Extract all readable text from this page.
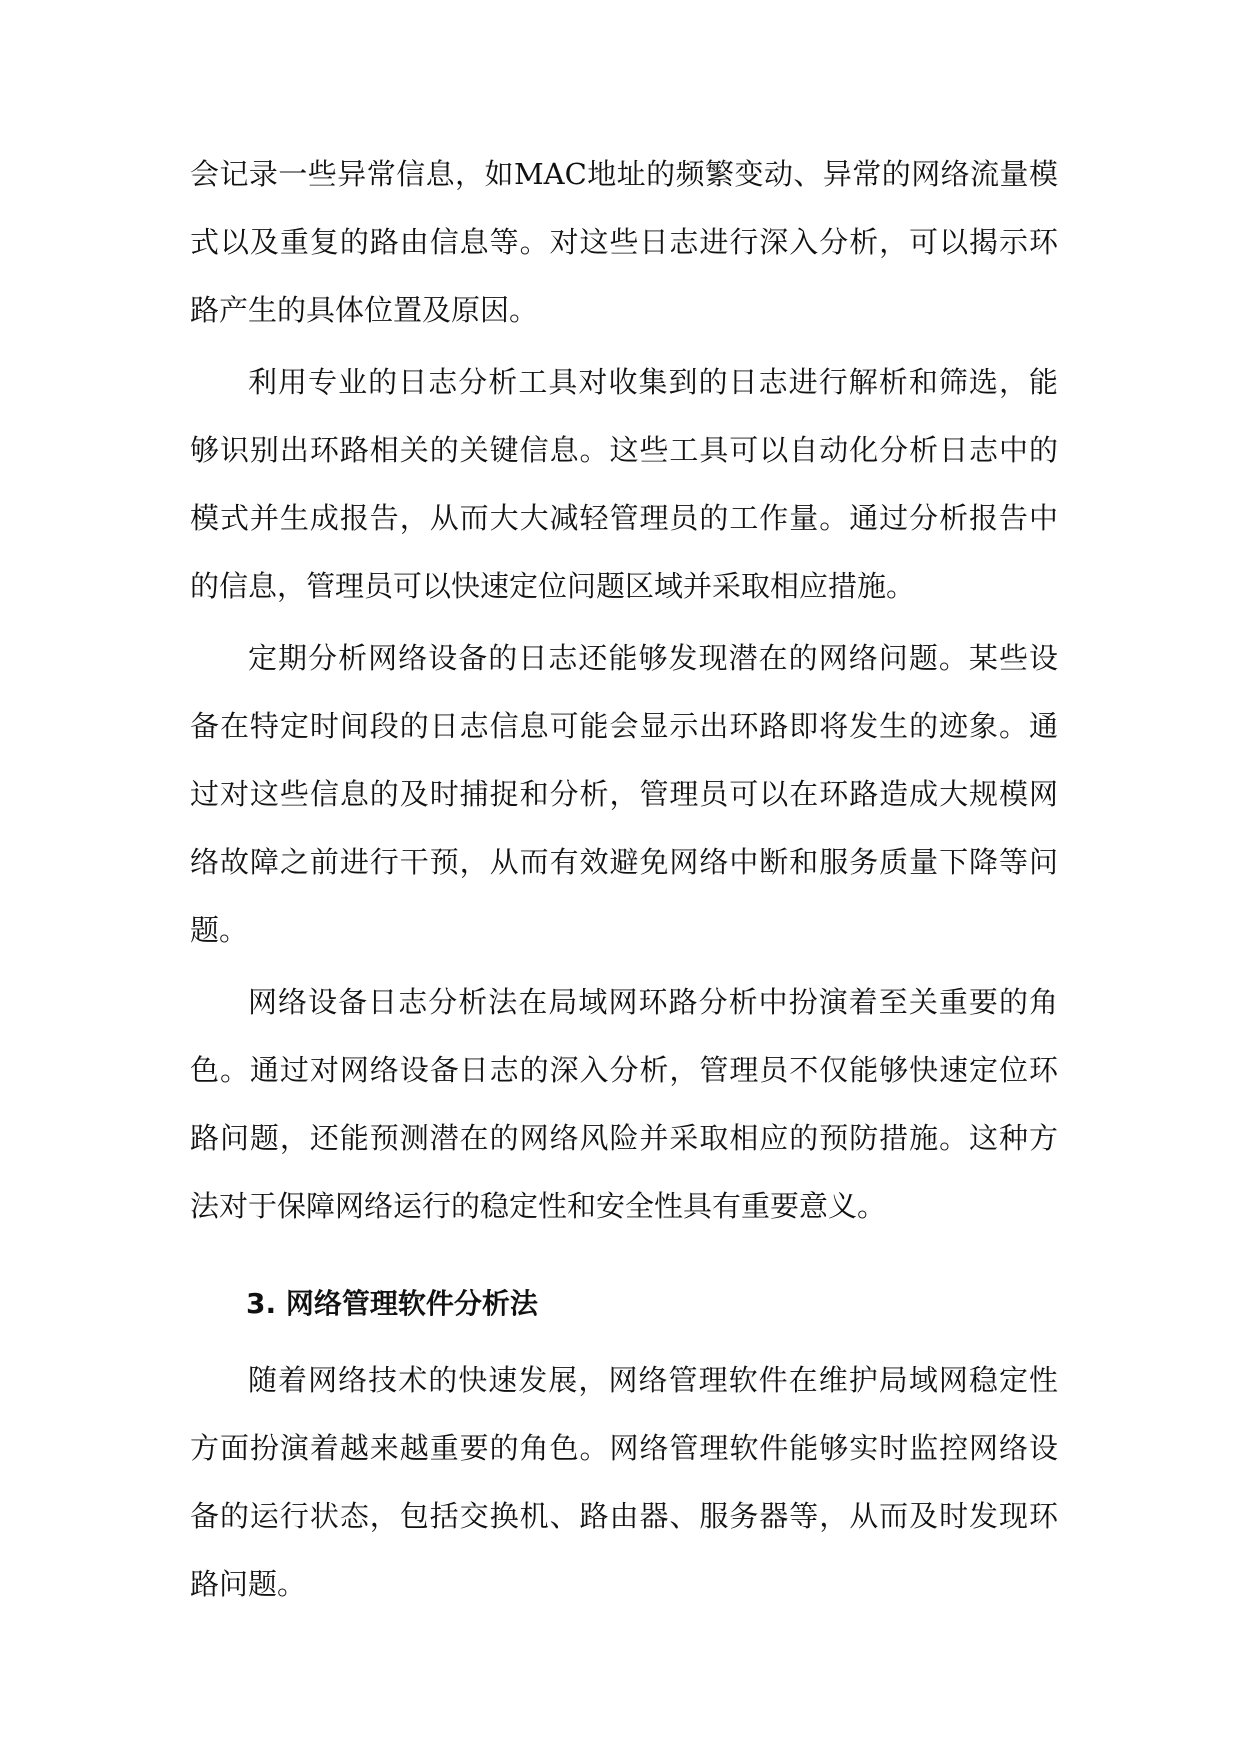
会记录一些异常信息，如MAC地址的频繁变动、异常的网络流量模式以及重复的路由信息等。对这些日志进行深入分析，可以揭示环路产生的具体位置及原因。

利用专业的日志分析工具对收集到的日志进行解析和筛选，能够识别出环路相关的关键信息。这些工具可以自动化分析日志中的模式并生成报告，从而大大减轻管理员的工作量。通过分析报告中的信息，管理员可以快速定位问题区域并采取相应措施。

定期分析网络设备的日志还能够发现潜在的网络问题。某些设备在特定时间段的日志信息可能会显示出环路即将发生的迹象。通过对这些信息的及时捕捉和分析，管理员可以在环路造成大规模网络故障之前进行干预，从而有效避免网络中断和服务质量下降等问题。

网络设备日志分析法在局域网环路分析中扮演着至关重要的角色。通过对网络设备日志的深入分析，管理员不仅能够快速定位环路问题，还能预测潜在的网络风险并采取相应的预防措施。这种方法对于保障网络运行的稳定性和安全性具有重要意义。

3. 网络管理软件分析法

随着网络技术的快速发展，网络管理软件在维护局域网稳定性方面扮演着越来越重要的角色。网络管理软件能够实时监控网络设备的运行状态，包括交换机、路由器、服务器等，从而及时发现环路问题。
